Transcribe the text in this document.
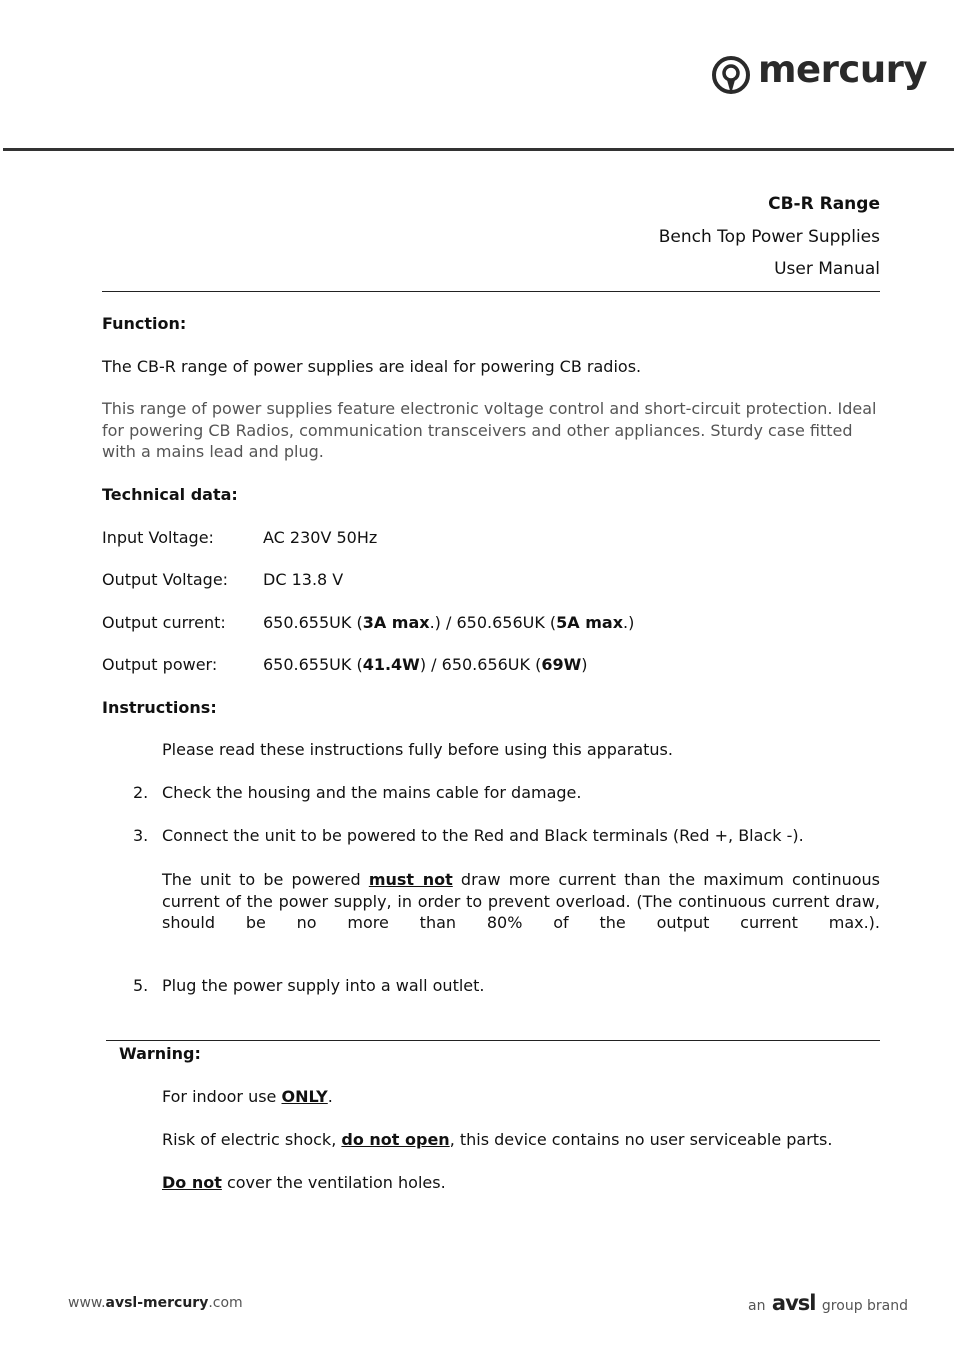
mercury
CB-R Range
Bench Top Power Supplies
User Manual
Function:
The CB-R range of power supplies are ideal for powering CB radios.
This range of power supplies feature electronic voltage control and short-circuit protection. Ideal for powering CB Radios, communication transceivers and other appliances. Sturdy case fitted with a mains lead and plug.
Technical data:
Input Voltage:	AC 230V 50Hz
Output Voltage: DC 13.8 V
Output current: 650.655UK (3A max.) / 650.656UK (5A max.)
Output power:	650.655UK (41.4W) / 650.656UK (69W)
Instructions:
Please read these instructions fully before using this apparatus.
2. Check the housing and the mains cable for damage.
3. Connect the unit to be powered to the Red and Black terminals (Red +, Black -).
The unit to be powered must not draw more current than the maximum continuous current of the power supply, in order to prevent overload. (The continuous current draw, should be no more than 80% of the output current max.).
5. Plug the power supply into a wall outlet.
Warning:
For indoor use ONLY.
Risk of electric shock, do not open, this device contains no user serviceable parts.
Do not cover the ventilation holes.
www.avsl-mercury.com	an avsl group brand
